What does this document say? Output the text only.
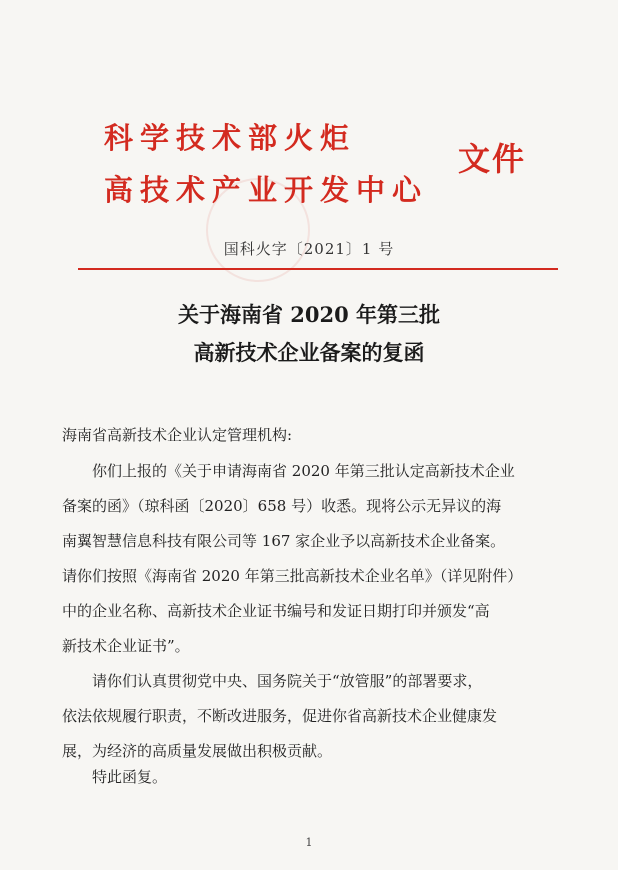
科学技术部火炬
高技术产业开发中心
文件
国科火字〔2021〕1 号
关于海南省 2020 年第三批
高新技术企业备案的复函
海南省高新技术企业认定管理机构:
你们上报的《关于申请海南省 2020 年第三批认定高新技术企业
备案的函》（琼科函〔2020〕658 号）收悉。现将公示无异议的海
南翼智慧信息科技有限公司等 167 家企业予以高新技术企业备案。
请你们按照《海南省 2020 年第三批高新技术企业名单》（详见附件）
中的企业名称、高新技术企业证书编号和发证日期打印并颁发“高
新技术企业证书”。
请你们认真贯彻党中央、国务院关于“放管服”的部署要求，
依法依规履行职责，不断改进服务，促进你省高新技术企业健康发
展，为经济的高质量发展做出积极贡献。
特此函复。
1
